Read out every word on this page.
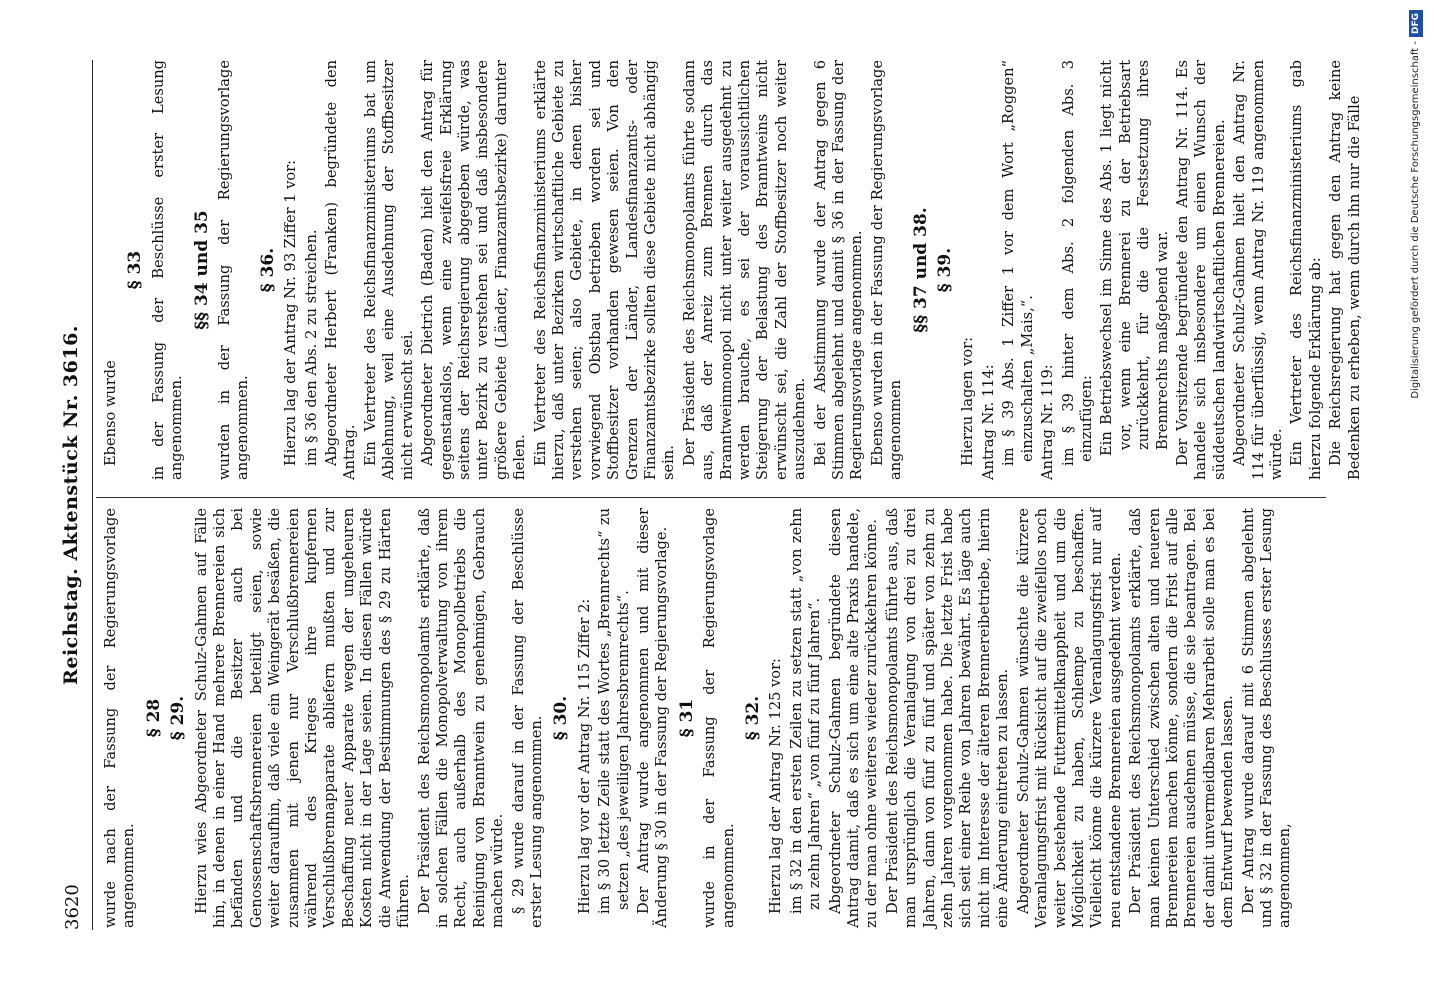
3620
Reichstag. Aktenstück Nr. 3616.

wurde nach der Fassung der Regierungsvorlage angenommen.

§ 28 § 29. Hierzu wies Abgeordneter Schulz-Gahmen auf Fälle hin, in denen in einer Hand mehrere Brennereien sich befänden und die Besitzer auch bei Genossenschaftsbrennereien beteiligt seien, sowie weiter daraufhin, daß viele ein Weingerät besäßen, die zusammen mit jenen nur Verschlußbrennereien während des Krieges ihre kupfernen Verschlußbrennapparate abliefern mußten und zur Beschaffung neuer Apparate wegen der ungeheuren Kosten nicht in der Lage seien. In diesen Fällen würde die Anwendung der Bestimmungen des § 29 zu Härten führen. Der Präsident des Reichsmonopolamts erklärte, daß in solchen Fällen die Monopolverwaltung von ihrem Recht, auch außerhalb des Monopolbetriebs die Reinigung von Branntwein zu genehmigen, Gebrauch machen würde. § 29 wurde darauf in der Fassung der Beschlüsse erster Lesung angenommen. § 30. Hierzu lag vor der Antrag Nr. 115 Ziffer 2: im § 30 letzte Zeile statt des Wortes „Brennrechts“ zu setzen „des jeweiligen Jahresbrennrechts“. Der Antrag wurde angenommen und mit dieser Änderung § 30 in der Fassung der Regierungsvorlage. § 31 wurde in der Fassung der Regierungsvorlage angenommen.

§ 32. Hierzu lag der Antrag Nr. 125 vor: im § 32 in den ersten Zeilen zu setzen statt „von zehn zu zehn Jahren“ „von fünf zu fünf Jahren“. Abgeordneter Schulz-Gahmen begründete diesen Antrag damit, daß es sich um eine alte Praxis handele, zu der man ohne weiteres wieder zurückkehren könne. Der Präsident des Reichsmonopolamts führte aus, daß man ursprünglich die Veranlagung von drei zu drei Jahren, dann von fünf zu fünf und später von zehn zu zehn Jahren vorgenommen habe. Die letzte Frist habe sich seit einer Reihe von Jahren bewährt. Es läge auch nicht im Interesse der älteren Brennereibetriebe, hierin eine Änderung eintreten zu lassen. Abgeordneter Schulz-Gahmen wünschte die kürzere Veranlagungsfrist mit Rücksicht auf die zweifellos noch weiter bestehende Futtermittelknappheit und um die Möglichkeit zu haben, Schlempe zu beschaffen. Vielleicht könne die kürzere Veranlagungsfrist nur auf neu entstandene Brennereien ausgedehnt werden. Der Präsident des Reichsmonopolamts erklärte, daß man keinen Unterschied zwischen alten und neueren Brennereien machen könne, sondern die Frist auf alle Brennereien ausdehnen müsse, die sie beantragen. Bei der damit unvermeidbaren Mehrarbeit solle man es bei dem Entwurf bewenden lassen. Der Antrag wurde darauf mit 6 Stimmen abgelehnt und § 32 in der Fassung des Beschlusses erster Lesung angenommen,

Ebenso wurde

§ 33 in der Fassung der Beschlüsse erster Lesung angenommen.

§§ 34 und 35 wurden in der Fassung der Regierungsvorlage angenommen.

§ 36. Hierzu lag der Antrag Nr. 93 Ziffer 1 vor: im § 36 den Abs. 2 zu streichen. Abgeordneter Herbert (Franken) begründete den Antrag. Ein Vertreter des Reichsfinanzministeriums bat um Ablehnung, weil eine Ausdehnung der Stoffbesitzer nicht erwünscht sei. Abgeordneter Dietrich (Baden) hielt den Antrag für gegenstandslos, wenn eine zweifelsfreie Erklärung seitens der Reichsregierung abgegeben würde, was unter Bezirk zu verstehen sei und daß insbesondere größere Gebiete (Länder, Finanzamtsbezirke) darunter fielen. Ein Vertreter des Reichsfinanzministeriums erklärte hierzu, daß unter Bezirken wirtschaftliche Gebiete zu verstehen seien; also Gebiete, in denen bisher vorwiegend Obstbau betrieben worden sei und Stoffbesitzer vorhanden gewesen seien. Von den Grenzen der Länder, Landesfinanzamts- oder Finanzamtsbezirke sollten diese Gebiete nicht abhängig sein. Der Präsident des Reichsmonopolamts führte sodann aus, daß der Anreiz zum Brennen durch das Branntweinmonopol nicht unter weiter ausgedehnt zu werden brauche, es sei der voraussichtlichen Steigerung der Belastung des Branntweins nicht erwünscht sei, die Zahl der Stoffbesitzer noch weiter auszudehnen. Bei der Abstimmung wurde der Antrag gegen 6 Stimmen abgelehnt und damit § 36 in der Fassung der Regierungsvorlage angenommen. Ebenso wurden in der Fassung der Regierungsvorlage angenommen

§§ 37 und 38. § 39.

Hierzu lagen vor: Antrag Nr. 114: im § 39 Abs. 1 Ziffer 1 vor dem Wort „Roggen“ einzuschalten „Mais,“. Antrag Nr. 119: im § 39 hinter dem Abs. 2 folgenden Abs. 3 einzufügen: Ein Betriebswechsel im Sinne des Abs. 1 liegt nicht vor, wenn eine Brennerei zu der Betriebsart zurückkehrt, für die die Festsetzung ihres Brennrechts maßgebend war. Der Vorsitzende begründete den Antrag Nr. 114. Es handele sich insbesondere um einen Wunsch der süddeutschen landwirtschaftlichen Brennereien. Abgeordneter Schulz-Gahmen hielt den Antrag Nr. 114 für überflüssig, wenn Antrag Nr. 119 angenommen würde. Ein Vertreter des Reichsfinanzministeriums gab hierzu folgende Erklärung ab: Die Reichsregierung hat gegen den Antrag keine Bedenken zu erheben, wenn durch ihn nur die Fälle	Digitalisierung gefördert durch die Deutsche Forschungsgemeinschaft -DFG
